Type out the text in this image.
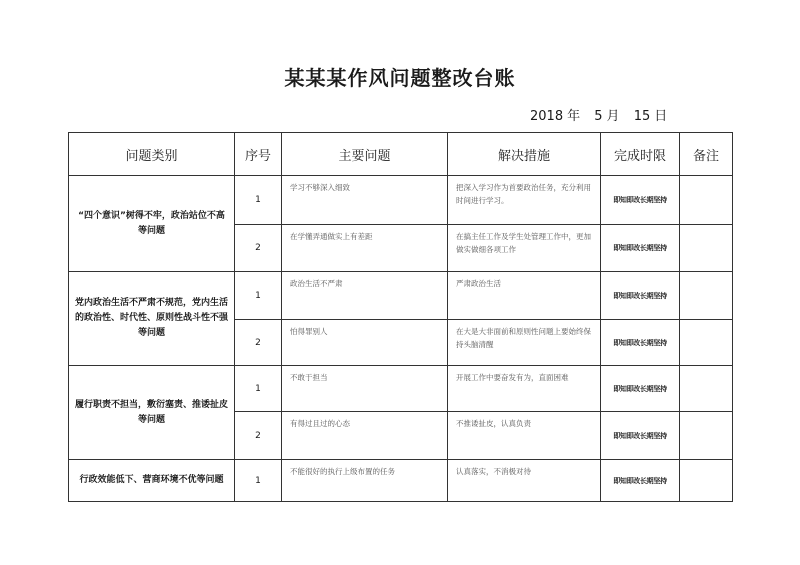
某某某作风问题整改台账
2018 年 5 月 15 日
问题类别	序号	主要问题	解决措施	完成时限	备注
“四个意识”树得不牢，政治站位不高等问题	1	学习不够深入细致	把深入学习作为首要政治任务，充分利用时间进行学习。	即知即改长期坚持	
	2	在学懂弄通做实上有差距	在搞主任工作及学生处管理工作中，更加做实做细各项工作	即知即改长期坚持	
党内政治生活不严肃不规范，党内生活的政治性、时代性、原则性战斗性不强等问题	1	政治生活不严肃	严肃政治生活	即知即改长期坚持	
	2	怕得罪别人	在大是大非面前和原则性问题上要始终保持头脑清醒	即知即改长期坚持	
履行职责不担当，敷衍塞责、推诿扯皮等问题	1	不敢于担当	开展工作中要奋发有为，直面困难	即知即改长期坚持	
	2	有得过且过的心态	不推诿扯皮，认真负责	即知即改长期坚持	
行政效能低下、营商环境不优等问题	1	不能很好的执行上级布置的任务	认真落实，不消极对待	即知即改长期坚持	
